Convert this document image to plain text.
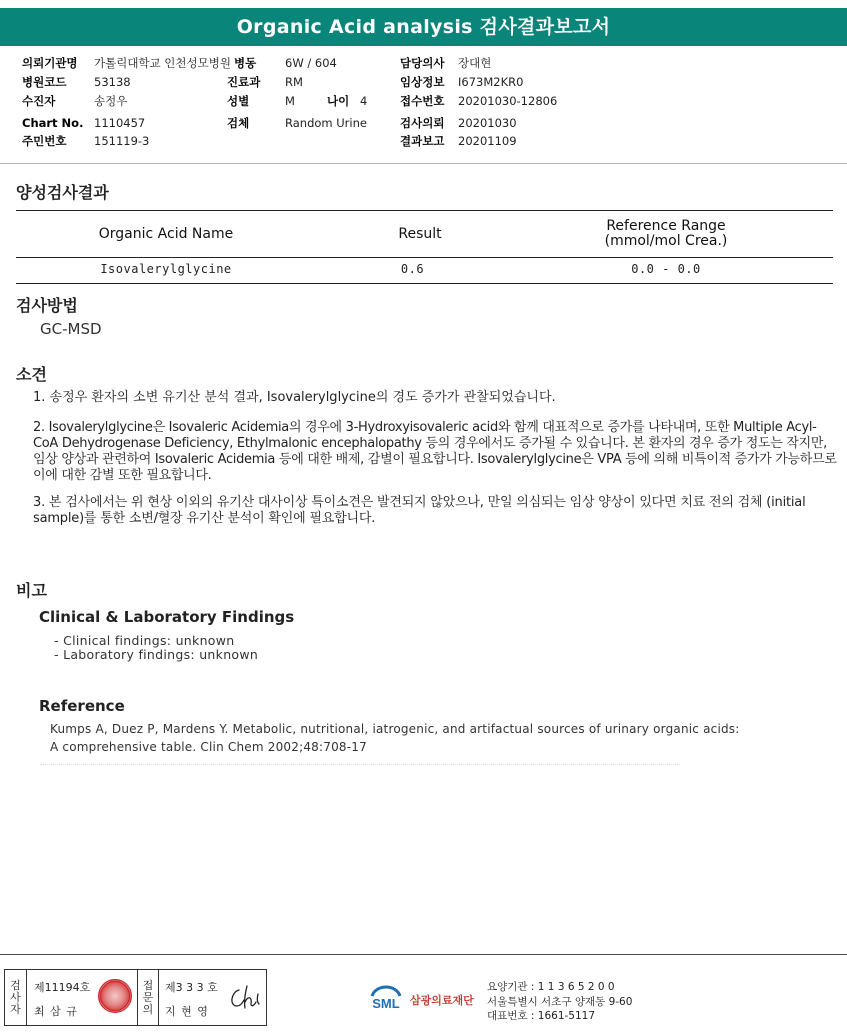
Organic Acid analysis 검사결과보고서
의뢰기관명 가톨릭대학교 인천성모병원 병동	6W / 604	담당의사 장대현
병원코드 53138	진료과 RM	임상정보 I673M2KR0
수진자	송정우	성별	M	나이 4	접수번호 20201030-12806
Chart No. 1110457	검체	Random Urine	검사의뢰 20201030
주민번호 151119-3	결과보고 20201109
양성검사결과
Organic Acid Name	Result	Reference Range
(mmol/mol Crea.)
Isovalerylglycine	0.6	0.0 - 0.0
검사방법
GC-MSD
소견
1. 송정우 환자의 소변 유기산 분석 결과, Isovalerylglycine의 경도 증가가 관찰되었습니다.
2. Isovalerylglycine은 Isovaleric Acidemia의 경우에 3-Hydroxyisovaleric acid와 함께 대표적으로 증가를 나타내며, 또한 Multiple Acyl-CoA Dehydrogenase Deficiency, Ethylmalonic encephalopathy 등의 경우에서도 증가될 수 있습니다. 본 환자의 경우 증가 정도는 작지만, 임상 양상과 관련하여 Isovaleric Acidemia 등에 대한 배제, 감별이 필요합니다. Isovalerylglycine은 VPA 등에 의해 비특이적 증가가 가능하므로 이에 대한 감별 또한 필요합니다.
3. 본 검사에서는 위 현상 이외의 유기산 대사이상 특이소견은 발견되지 않았으나, 만일 의심되는 임상 양상이 있다면 치료 전의 검체 (initial sample)를 통한 소변/혈장 유기산 분석이 확인에 필요합니다.
비고
Clinical & Laboratory Findings
- Clinical findings: unknown
- Laboratory findings: unknown
Reference
Kumps A, Duez P, Mardens Y. Metabolic, nutritional, iatrogenic, and artifactual sources of urinary organic acids:
A comprehensive table. Clin Chem 2002;48:708-17
검
사
자
제11194호
최 삼 규
접
문
의
제3 3 3 호
지 현 영
SML 삼광의료재단
요양기관 : 1 1 3 6 5 2 0 0
서울특별시 서초구 양재동 9-60
대표번호 : 1661-5117
